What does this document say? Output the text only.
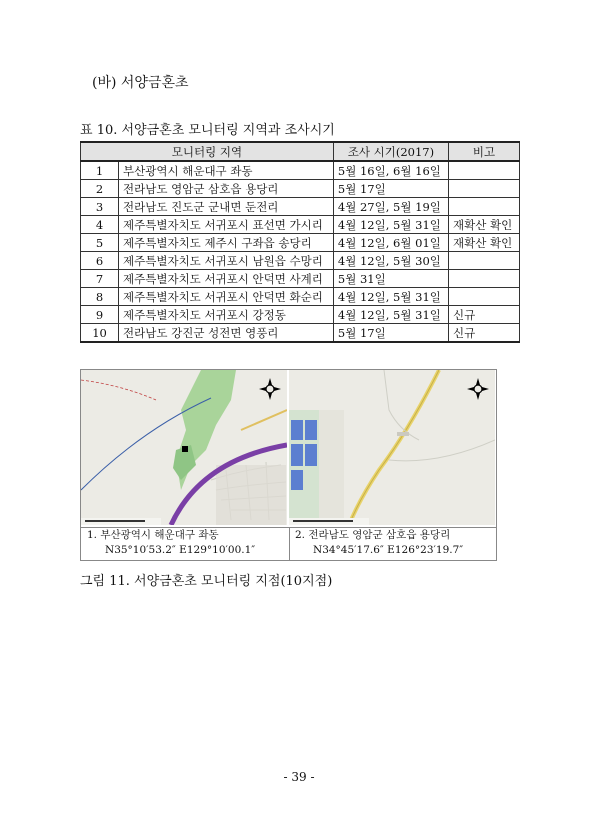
(바) 서양금혼초
표 10. 서양금혼초 모니터링 지역과 조사시기
모니터링 지역		조사 시기(2017)	비고
1	부산광역시 해운대구 좌동	5월 16일, 6월 16일	
2	전라남도 영암군 삼호읍 용당리	5월 17일	
3	전라남도 진도군 군내면 둔전리	4월 27일, 5월 19일	
4	제주특별자치도 서귀포시 표선면 가시리	4월 12일, 5월 31일	재확산 확인
5	제주특별자치도 제주시 구좌읍 송당리	4월 12일, 6월 01일	재확산 확인
6	제주특별자치도 서귀포시 남원읍 수망리	4월 12일, 5월 30일	
7	제주특별자치도 서귀포시 안덕면 사계리	5월 31일	
8	제주특별자치도 서귀포시 안덕면 화순리	4월 12일, 5월 31일	
9	제주특별자치도 서귀포시 강정동	4월 12일, 5월 31일	신규
10	전라남도 강진군 성전면 영풍리	5월 17일	신규
1. 부산광역시 해운대구 좌동
N35°10′53.2″ E129°10′00.1″
2. 전라남도 영암군 삼호읍 용당리
N34°45′17.6″ E126°23′19.7″
그림 11. 서양금혼초 모니터링 지점(10지점)
- 39 -
